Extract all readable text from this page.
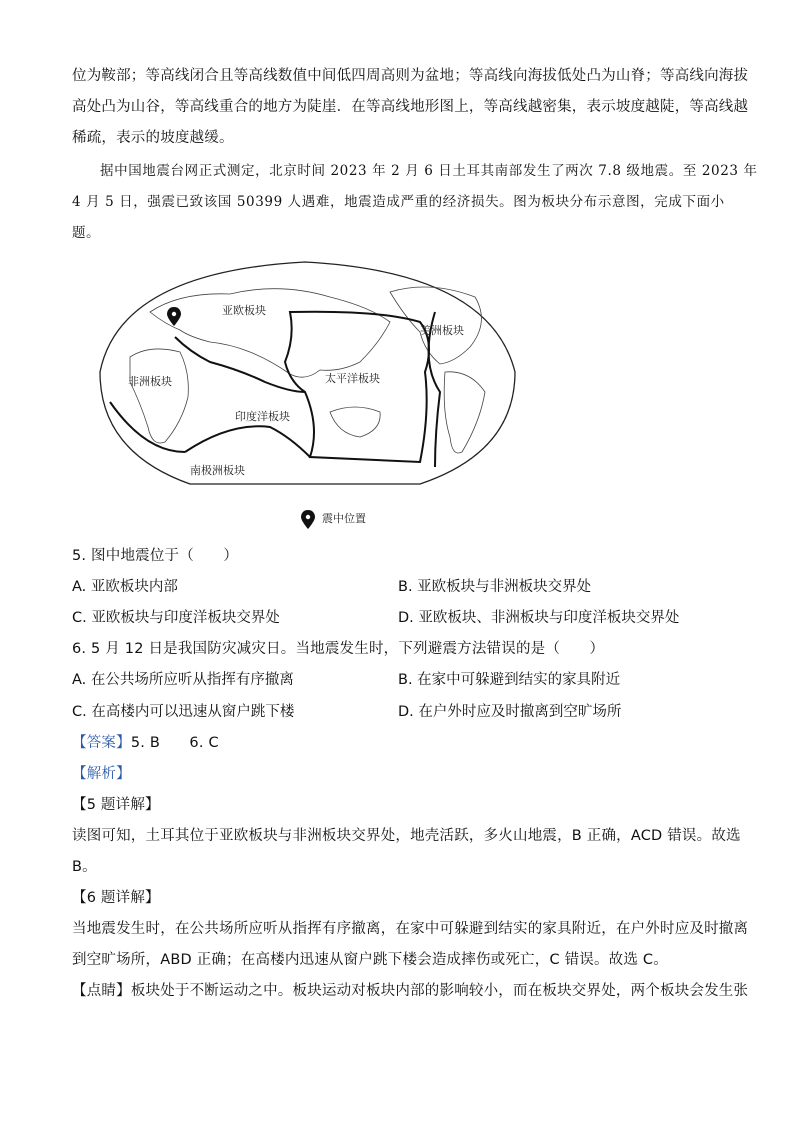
位为鞍部；等高线闭合且等高线数值中间低四周高则为盆地；等高线向海拔低处凸为山脊；等高线向海拔
高处凸为山谷，等高线重合的地方为陡崖．在等高线地形图上，等高线越密集，表示坡度越陡，等高线越
稀疏，表示的坡度越缓。
据中国地震台网正式测定，北京时间 2023 年 2 月 6 日土耳其南部发生了两次 7.8 级地震。至 2023 年
4 月 5 日，强震已致该国 50399 人遇难，地震造成严重的经济损失。图为板块分布示意图，完成下面小
题。
亚欧板块
美洲板块
非洲板块	太平洋板块
印度洋板块
南极洲板块
震中位置
5. 图中地震位于（　　）
A. 亚欧板块内部	B. 亚欧板块与非洲板块交界处
C. 亚欧板块与印度洋板块交界处	D. 亚欧板块、非洲板块与印度洋板块交界处
6. 5 月 12 日是我国防灾减灾日。当地震发生时，下列避震方法错误的是（　　）
A. 在公共场所应听从指挥有序撤离	B. 在家中可躲避到结实的家具附近
C. 在高楼内可以迅速从窗户跳下楼	D. 在户外时应及时撤离到空旷场所
【答案】5. B　　6. C
【解析】
【5 题详解】
读图可知，土耳其位于亚欧板块与非洲板块交界处，地壳活跃，多火山地震，B 正确，ACD 错误。故选
B。
【6 题详解】
当地震发生时，在公共场所应听从指挥有序撤离，在家中可躲避到结实的家具附近，在户外时应及时撤离
到空旷场所，ABD 正确；在高楼内迅速从窗户跳下楼会造成摔伤或死亡，C 错误。故选 C。
【点睛】板块处于不断运动之中。板块运动对板块内部的影响较小，而在板块交界处，两个板块会发生张
